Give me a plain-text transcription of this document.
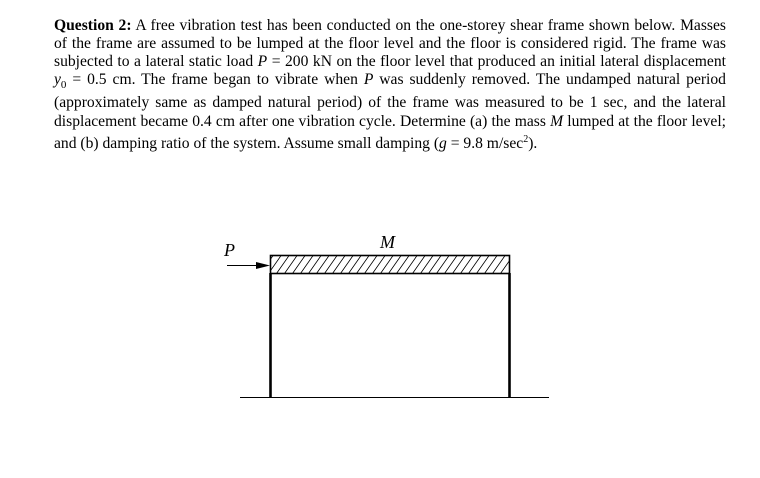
Question 2: A free vibration test has been conducted on the one-storey shear frame shown below. Masses of the frame are assumed to be lumped at the floor level and the floor is considered rigid. The frame was subjected to a lateral static load P = 200 kN on the floor level that produced an initial lateral displacement $y_0 = 0.5$ cm. The frame began to vibrate when P was suddenly removed. The undamped natural period (approximately same as damped natural period) of the frame was measured to be 1 sec, and the lateral displacement became 0.4 cm after one vibration cycle. Determine (a) the mass M lumped at the floor level; and (b) damping ratio of the system. Assume small damping (g = 9.8 $m/\sec^2$).

P	M
